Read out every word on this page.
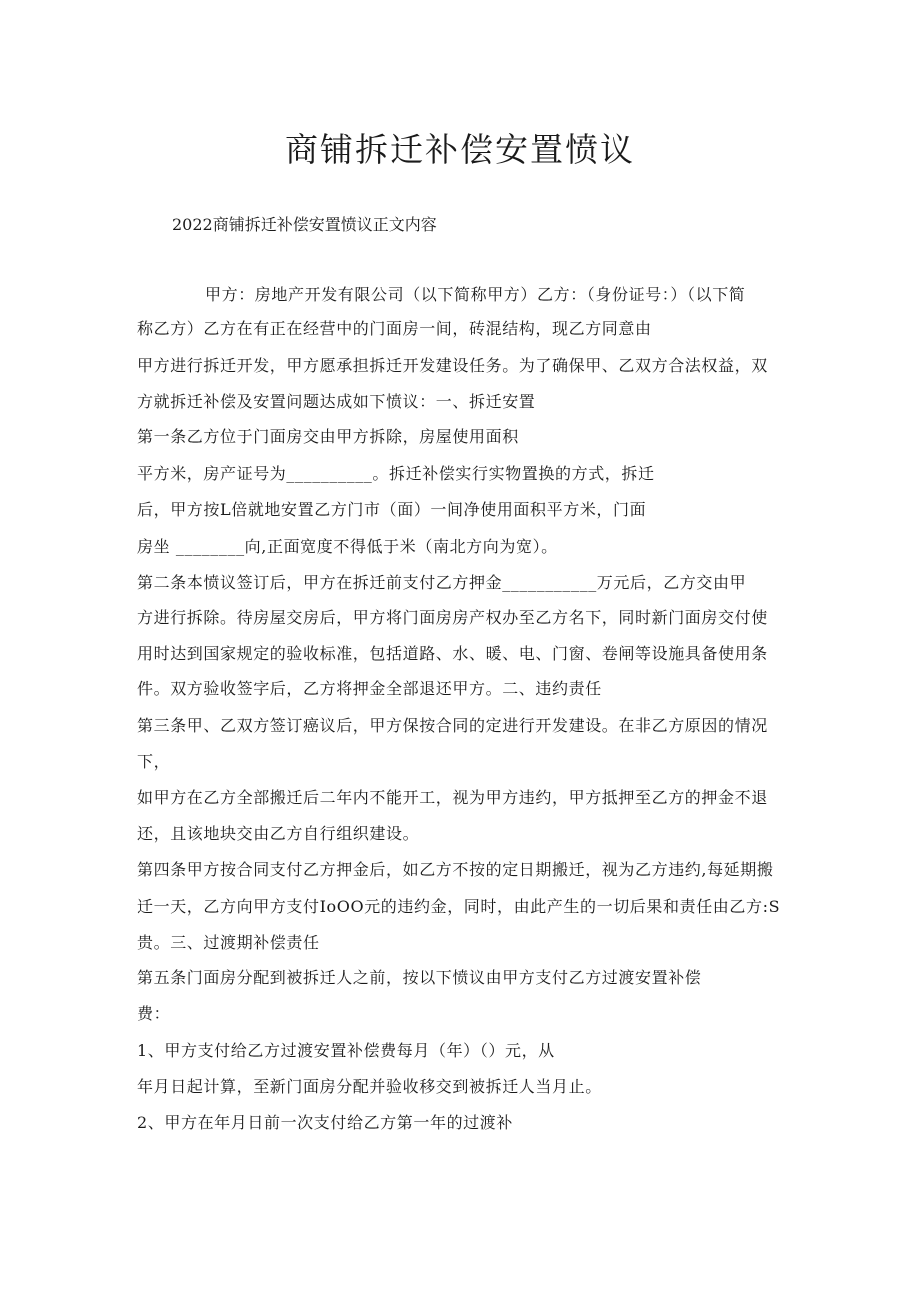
商铺拆迁补偿安置愤议
2022商铺拆迁补偿安置愤议正文内容
甲方：房地产开发有限公司（以下简称甲方）乙方：（身份证号：）（以下简
称乙方）乙方在有正在经营中的门面房一间，砖混结构，现乙方同意由
甲方进行拆迁开发，甲方愿承担拆迁开发建设任务。为了确保甲、乙双方合法权益，双
方就拆迁补偿及安置问题达成如下愤议：一、拆迁安置
第一条乙方位于门面房交由甲方拆除，房屋使用面积
平方米，房产证号为__________。拆迁补偿实行实物置换的方式，拆迁
后，甲方按L倍就地安置乙方门市（面）一间净使用面积平方米，门面
房坐 ________向,正面宽度不得低于米（南北方向为宽）。
第二条本愤议签订后，甲方在拆迁前支付乙方押金___________万元后，乙方交由甲
方进行拆除。待房屋交房后，甲方将门面房房产权办至乙方名下，同时新门面房交付使
用时达到国家规定的验收标准，包括道路、水、暖、电、门窗、卷闸等设施具备使用条
件。双方验收签字后，乙方将押金全部退还甲方。二、违约责任
第三条甲、乙双方签订癌议后，甲方保按合同的定进行开发建设。在非乙方原因的情况
下，
如甲方在乙方全部搬迁后二年内不能开工，视为甲方违约，甲方抵押至乙方的押金不退
还，且该地块交由乙方自行组织建设。
第四条甲方按合同支付乙方押金后，如乙方不按的定日期搬迁，视为乙方违约,每延期搬
迁一天，乙方向甲方支付IoOO元的违约金，同时，由此产生的一切后果和责任由乙方:S
贵。三、过渡期补偿责任
第五条门面房分配到被拆迁人之前，按以下愤议由甲方支付乙方过渡安置补偿
费：
1、甲方支付给乙方过渡安置补偿费每月（年）（）元，从
年月日起计算，至新门面房分配并验收移交到被拆迁人当月止。
2、甲方在年月日前一次支付给乙方第一年的过渡补
